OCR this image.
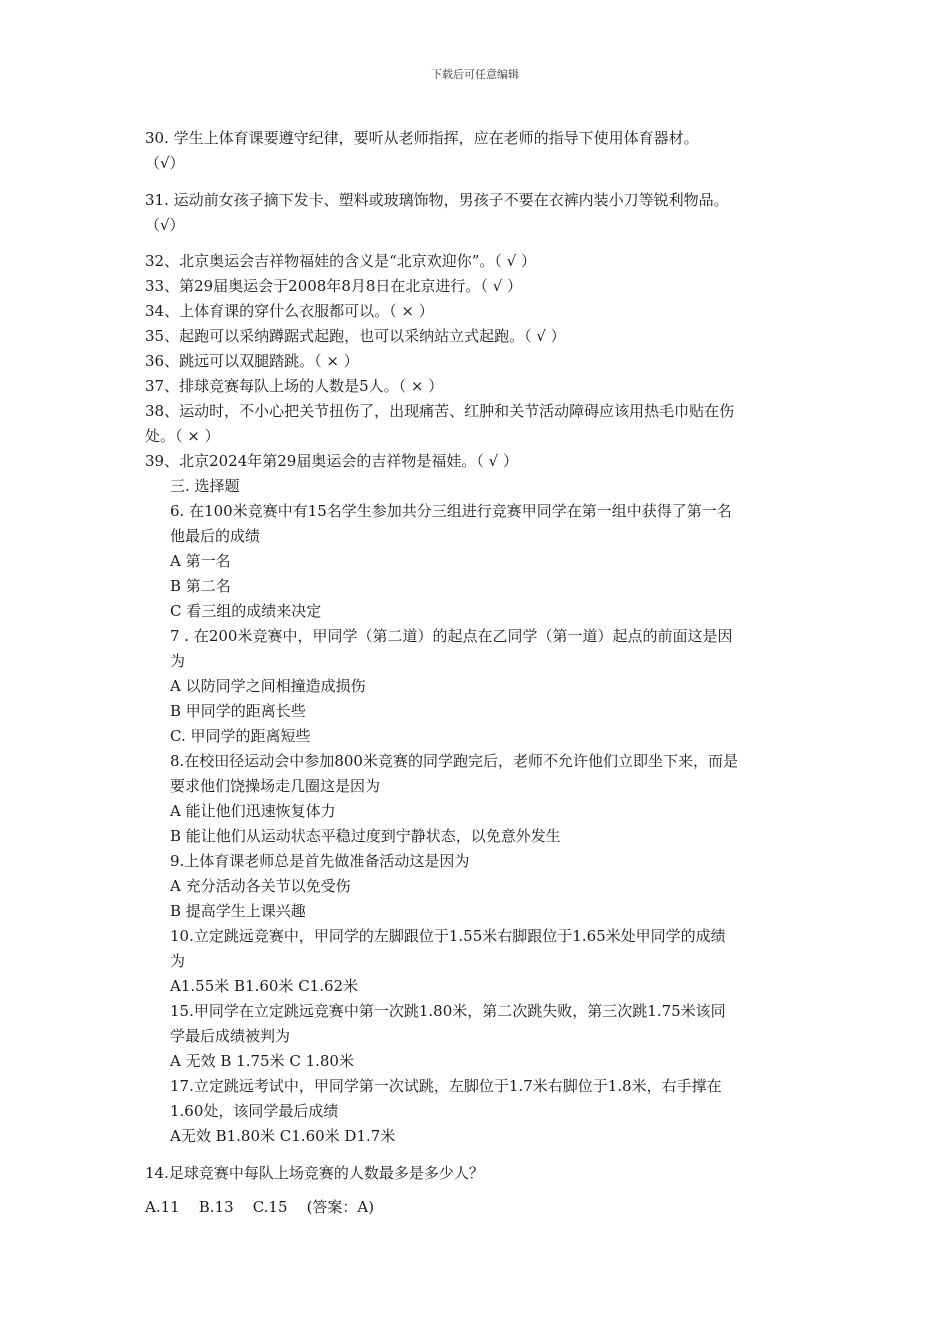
下载后可任意编辑
30. 学生上体育课要遵守纪律，要听从老师指挥，应在老师的指导下使用体育器材。
（√）
31. 运动前女孩子摘下发卡、塑料或玻璃饰物，男孩子不要在衣裤内装小刀等锐利物品。
（√）
32、北京奥运会吉祥物福娃的含义是“北京欢迎你”。（ √ ）
33、第29届奥运会于2008年8月8日在北京进行。（ √ ）
34、上体育课的穿什么衣服都可以。（ × ）
35、起跑可以采纳蹲踞式起跑，也可以采纳站立式起跑。（ √ ）
36、跳远可以双腿踏跳。（ × ）
37、排球竞赛每队上场的人数是5人。（ × ）
38、运动时，不小心把关节扭伤了，出现痛苦、红肿和关节活动障碍应该用热毛巾贴在伤
处。（ × ）
39、北京2024年第29届奥运会的吉祥物是福娃。（ √ ）
三. 选择题
6. 在100米竞赛中有15名学生参加共分三组进行竞赛甲同学在第一组中获得了第一名
他最后的成绩
A 第一名
B 第二名
C 看三组的成绩来决定
7 . 在200米竞赛中，甲同学（第二道）的起点在乙同学（第一道）起点的前面这是因
为
A 以防同学之间相撞造成损伤
B 甲同学的距离长些
C. 甲同学的距离短些
8.在校田径运动会中参加800米竞赛的同学跑完后，老师不允许他们立即坐下来，而是
要求他们饶操场走几圈这是因为
A 能让他们迅速恢复体力
B 能让他们从运动状态平稳过度到宁静状态，以免意外发生
9.上体育课老师总是首先做准备活动这是因为
A 充分活动各关节以免受伤
B 提高学生上课兴趣
10.立定跳远竞赛中，甲同学的左脚跟位于1.55米右脚跟位于1.65米处甲同学的成绩
为
A1.55米 B1.60米 C1.62米
15.甲同学在立定跳远竞赛中第一次跳1.80米，第二次跳失败，第三次跳1.75米该同
学最后成绩被判为
A 无效 B 1.75米 C 1.80米
17.立定跳远考试中，甲同学第一次试跳，左脚位于1.7米右脚位于1.8米，右手撑在
1.60处，该同学最后成绩
A无效 B1.80米 C1.60米 D1.7米
14.足球竞赛中每队上场竞赛的人数最多是多少人？
A.11    B.13    C.15    (答案：A)
